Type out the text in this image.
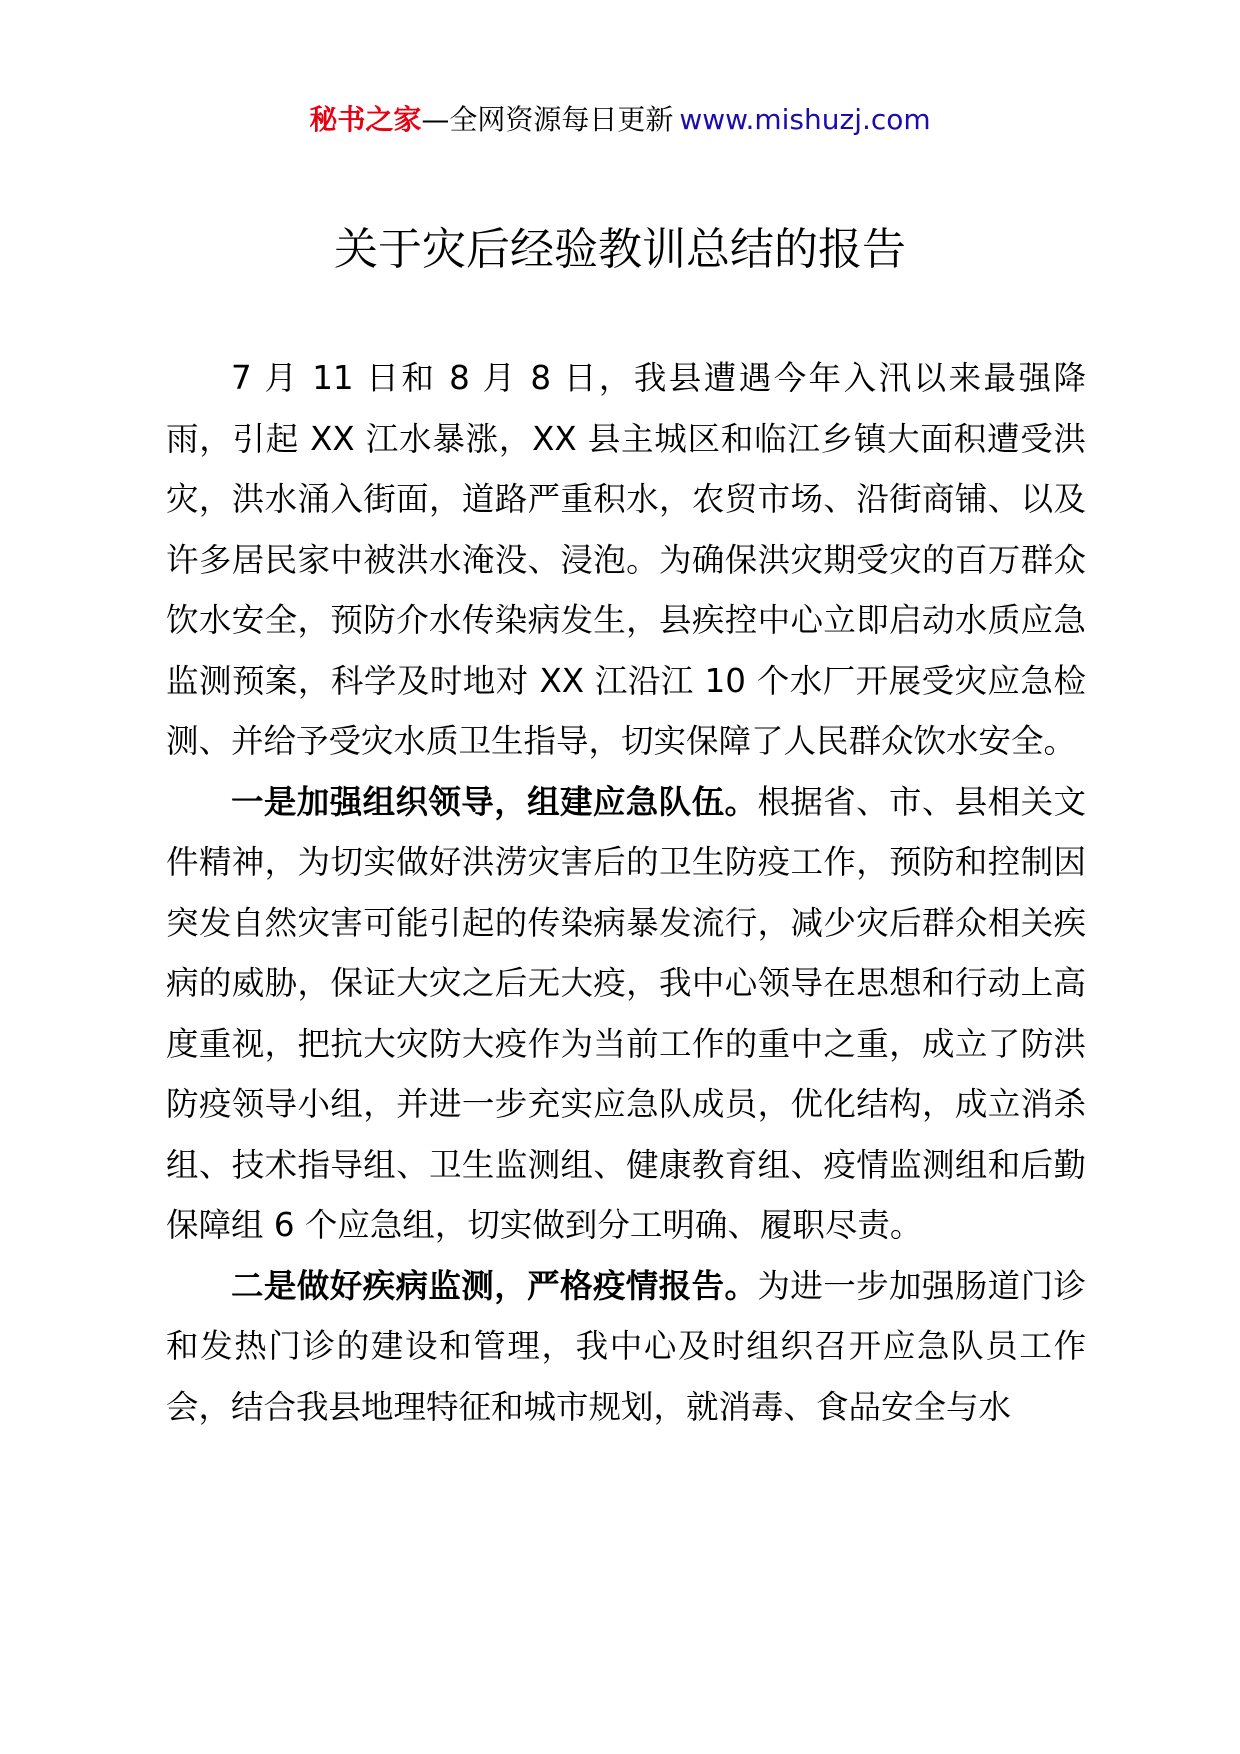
秘书之家—全网资源每日更新 www.mishuzj.com
关于灾后经验教训总结的报告

7 月 11 日和 8 月 8 日，我县遭遇今年入汛以来最强降雨，引起 XX 江水暴涨，XX 县主城区和临江乡镇大面积遭受洪灾，洪水涌入街面，道路严重积水，农贸市场、沿街商铺、以及许多居民家中被洪水淹没、浸泡。为确保洪灾期受灾的百万群众饮水安全，预防介水传染病发生，县疾控中心立即启动水质应急监测预案，科学及时地对 XX 江沿江 10 个水厂开展受灾应急检测、并给予受灾水质卫生指导，切实保障了人民群众饮水安全。

一是加强组织领导，组建应急队伍。根据省、市、县相关文件精神，为切实做好洪涝灾害后的卫生防疫工作，预防和控制因突发自然灾害可能引起的传染病暴发流行，减少灾后群众相关疾病的威胁，保证大灾之后无大疫，我中心领导在思想和行动上高度重视，把抗大灾防大疫作为当前工作的重中之重，成立了防洪防疫领导小组，并进一步充实应急队成员，优化结构，成立消杀组、技术指导组、卫生监测组、健康教育组、疫情监测组和后勤保障组 6 个应急组，切实做到分工明确、履职尽责。

二是做好疾病监测，严格疫情报告。为进一步加强肠道门诊和发热门诊的建设和管理，我中心及时组织召开应急队员工作会，结合我县地理特征和城市规划，就消毒、食品安全与水
